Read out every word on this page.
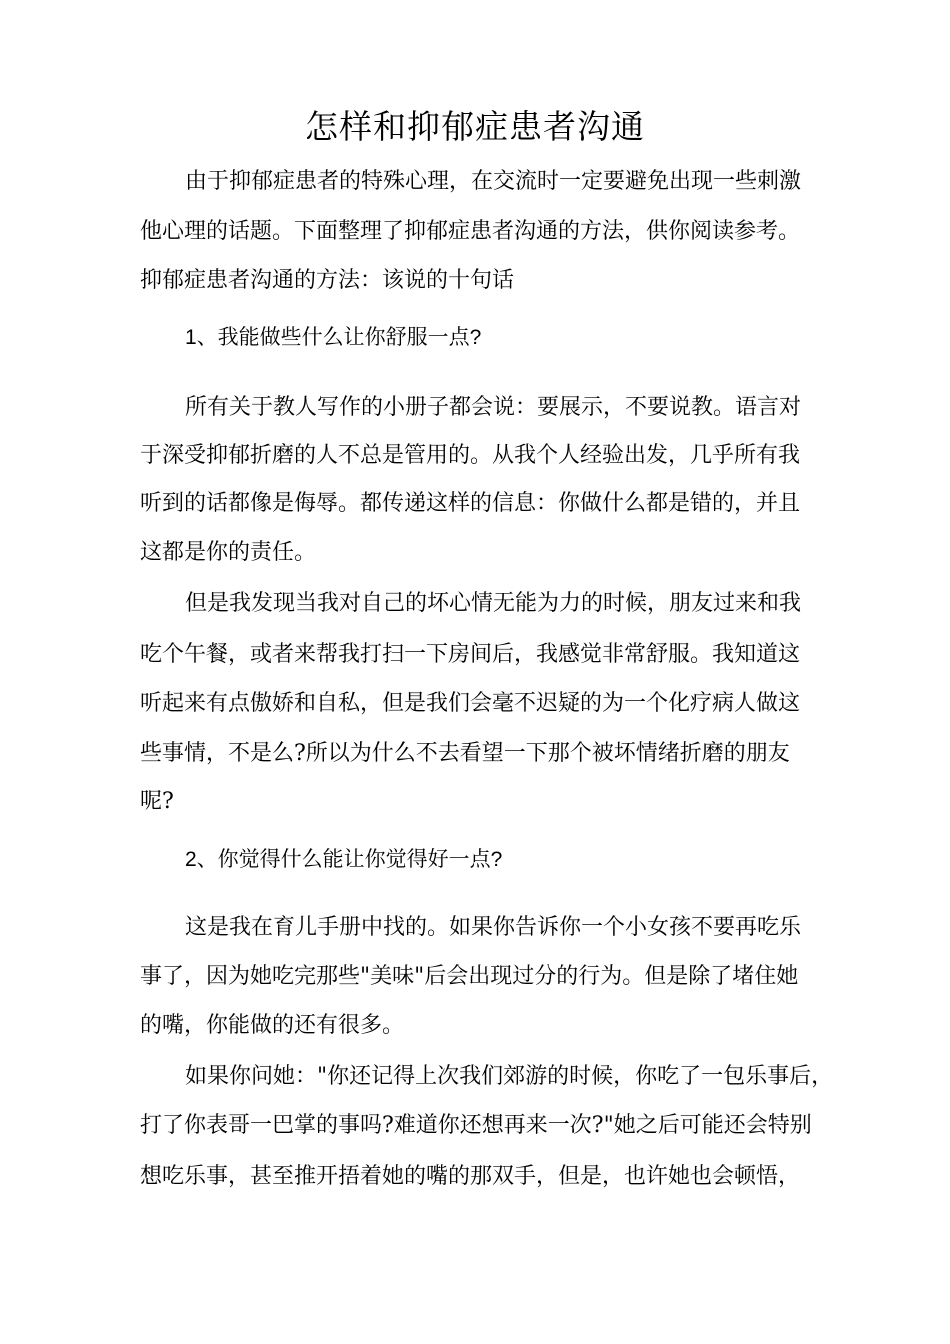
怎样和抑郁症患者沟通
由于抑郁症患者的特殊心理，在交流时一定要避免出现一些刺激
他心理的话题。下面整理了抑郁症患者沟通的方法，供你阅读参考。
抑郁症患者沟通的方法：该说的十句话
1、我能做些什么让你舒服一点?
所有关于教人写作的小册子都会说：要展示，不要说教。语言对
于深受抑郁折磨的人不总是管用的。从我个人经验出发，几乎所有我
听到的话都像是侮辱。都传递这样的信息：你做什么都是错的，并且
这都是你的责任。
但是我发现当我对自己的坏心情无能为力的时候，朋友过来和我
吃个午餐，或者来帮我打扫一下房间后，我感觉非常舒服。我知道这
听起来有点傲娇和自私，但是我们会毫不迟疑的为一个化疗病人做这
些事情，不是么?所以为什么不去看望一下那个被坏情绪折磨的朋友
呢?
2、你觉得什么能让你觉得好一点?
这是我在育儿手册中找的。如果你告诉你一个小女孩不要再吃乐
事了，因为她吃完那些"美味"后会出现过分的行为。但是除了堵住她
的嘴，你能做的还有很多。
如果你问她："你还记得上次我们郊游的时候，你吃了一包乐事后，
打了你表哥一巴掌的事吗?难道你还想再来一次?"她之后可能还会特别
想吃乐事，甚至推开捂着她的嘴的那双手，但是，也许她也会顿悟，
